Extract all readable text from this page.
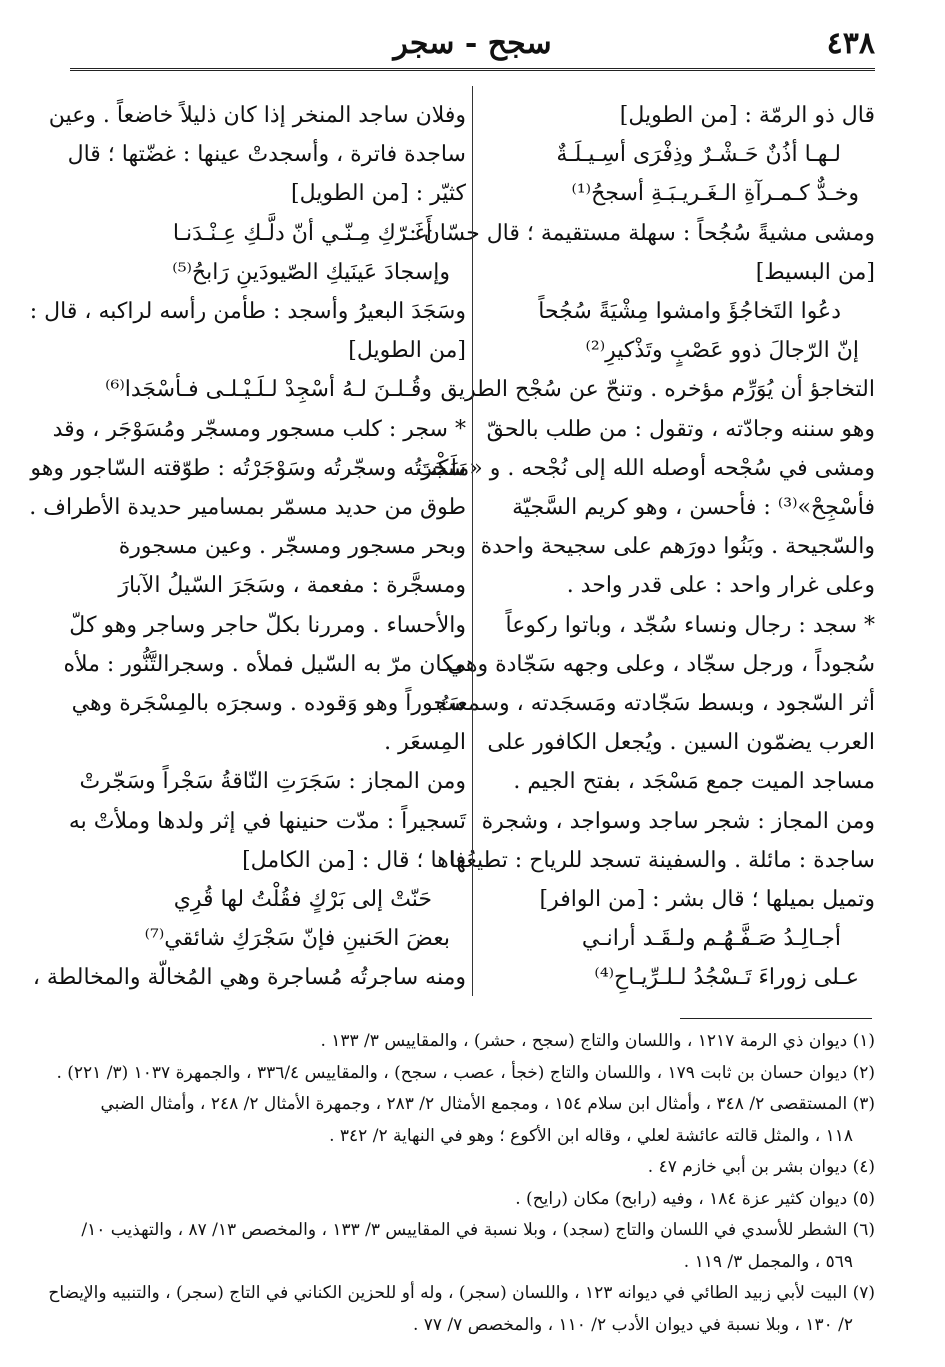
٤٣٨
سجح - سجر
قال ذو الرمّة : [من الطويل]
لـهـا أذُنٌ حَـشْـرٌ وذِفْرَى أسِـيـلَـةٌ
وخـدٌّ كـمـرآةِ الـغَـريـبَـةِ أسجحُ⁽¹⁾
ومشى مشيةً سُجُحاً : سهلة مستقيمة ؛ قال حسّان :
[من البسيط]
دعُوا التَخاجُؤَ وامشوا مِشْيَةً سُجُحاً
إنّ الرّجالَ ذوو عَصْبٍ وتَذْكيرِ⁽²⁾
التخاجؤ أن يُوَرِّم مؤخره . وتنحّ عن سُجْح الطريق
وهو سننه وجادّته ، وتقول : من طلب بالحقّ
ومشى في سُجْحه أوصله الله إلى نُجْحه . و «مَلَكْتَ
فأسْجِحْ»⁽³⁾ : فأحسن ، وهو كريم السَّجيّة
والسّجيحة . وبَنُوا دورَهم على سجيحة واحدة
وعلى غرار واحد : على قدر واحد .
* سجد : رجال ونساء سُجّد ، وباتوا ركوعاً
سُجوداً ، ورجل سجّاد ، وعلى وجهه سَجّادة وهي
أثر السّجود ، وبسط سَجّادته ومَسجَدته ، وسمعتُ
العرب يضمّون السين . ويُجعل الكافور على
مساجد الميت جمع مَسْجَد ، بفتح الجيم .
ومن المجاز : شجر ساجد وسواجد ، وشجرة
ساجدة : مائلة . والسفينة تسجد للرياح : تطيعُها
وتميل بميلها ؛ قال بشر : [من الوافر]
أجـالِـدُ صَـفَّـهُـم ولـقَـد أرانـي
عـلى زوراءَ تَـسْجُدُ لـلـرِّيـاحِ⁽⁴⁾
وفلان ساجد المنخر إذا كان ذليلاً خاضعاً . وعين
ساجدة فاترة ، وأسجدتْ عينها : غضّتها ؛ قال
كثيّر : [من الطويل]
أَغَـرّكِ مِـنّـي أنّ دلَّـكِ عِـنْـدَنـا
وإسجادَ عَينَيكِ الصّيودَينِ رَابحُ⁽⁵⁾
وسَجَدَ البعيرُ وأسجد : طأمن رأسه لراكبه ، قال :
[من الطويل]
وقُـلـنَ لـهُ أسْجِدْ لـلَـيْـلـى فـأسْجَدا⁽⁶⁾
* سجر : كلب مسجور ومسجّر ومُسَوْجَر ، وقد
سَجَرتُه وسجّرتُه وسَوْجَرْتُه : طوّقته السّاجور وهو
طوق من حديد مسمّر بمسامير حديدة الأطراف .
وبحر مسجور ومسجّر . وعين مسجورة
ومسجَّرة : مفعمة ، وسَجَرَ السّيلُ الآبارَ
والأحساء . ومررنا بكلّ حاجر وساجر وهو كلّ
مكان مرّ به السّيل فملأه . وسجرالتَّنُّور : ملأه
سَجوراً وهو وَقوده . وسجرَه بالمِسْجَرة وهي
المِسعَر .
ومن المجاز : سَجَرَتِ النّاقةُ سَجْراً وسَجّرتْ
تَسجيراً : مدّت حنينها في إثر ولدها وملأتْ به
فاها ؛ قال : [من الكامل]
حَنّتْ إلى بَرْكٍ فقُلْتُ لها قُرِي
بعضَ الحَنينِ فإنّ سَجْرَكِ شائقي⁽⁷⁾
ومنه ساجرتُه مُساجرة وهي المُخالّة والمخالطة ،
(١) ديوان ذي الرمة ١٢١٧ ، واللسان والتاج (سجح ، حشر) ، والمقاييس ٣/ ١٣٣ .
(٢) ديوان حسان بن ثابت ١٧٩ ، واللسان والتاج (خجأ ، عصب ، سجح) ، والمقاييس ٣٣٦/٤ ، والجمهرة ١٠٣٧ (٣/ ٢٢١) .
(٣) المستقصى ٢/ ٣٤٨ ، وأمثال ابن سلام ١٥٤ ، ومجمع الأمثال ٢/ ٢٨٣ ، وجمهرة الأمثال ٢/ ٢٤٨ ، وأمثال الضبي
١١٨ ، والمثل قالته عائشة لعلي ، وقاله ابن الأكوع ؛ وهو في النهاية ٢/ ٣٤٢ .
(٤) ديوان بشر بن أبي خازم ٤٧ .
(٥) ديوان كثير عزة ١٨٤ ، وفيه (رابح) مكان (رايح) .
(٦) الشطر للأسدي في اللسان والتاج (سجد) ، وبلا نسبة في المقاييس ٣/ ١٣٣ ، والمخصص ١٣/ ٨٧ ، والتهذيب ١٠/
٥٦٩ ، والمجمل ٣/ ١١٩ .
(٧) البيت لأبي زبيد الطائي في ديوانه ١٢٣ ، واللسان (سجر) ، وله أو للحزين الكناني في التاج (سجر) ، والتنبيه والإيضاح
٢/ ١٣٠ ، وبلا نسبة في ديوان الأدب ٢/ ١١٠ ، والمخصص ٧/ ٧٧ .
